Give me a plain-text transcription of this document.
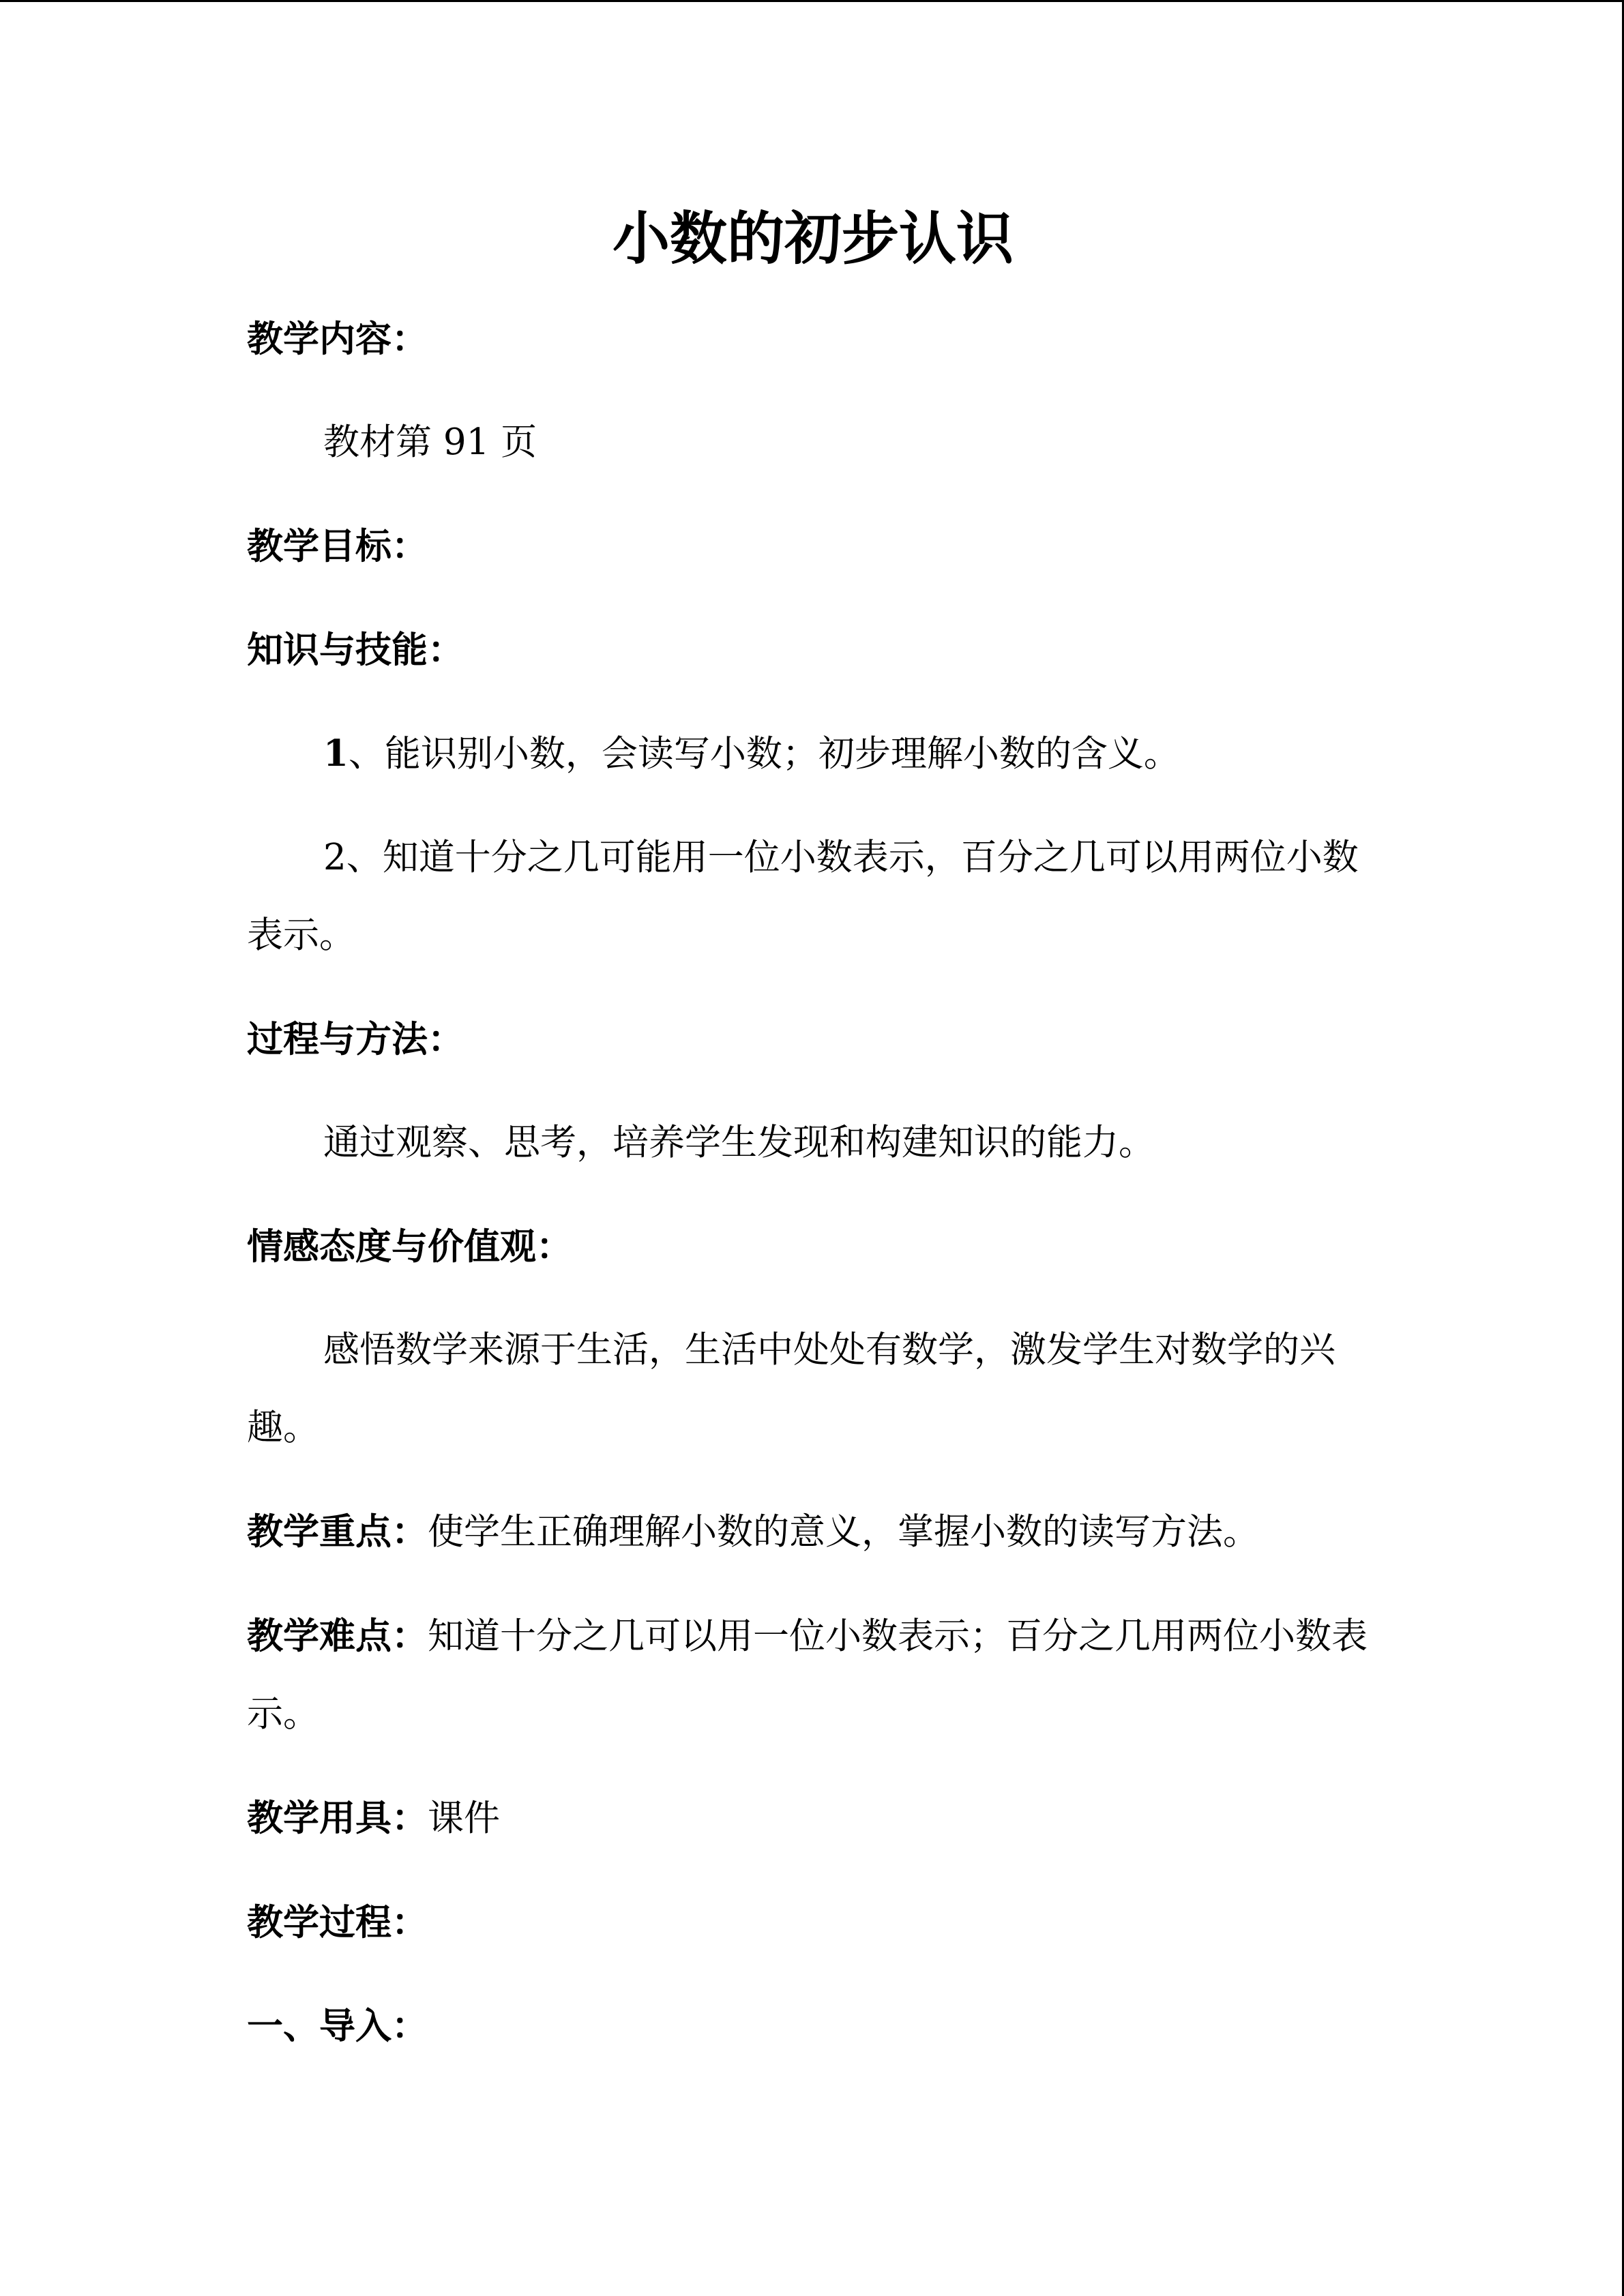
小数的初步认识
教学内容：
教材第 91 页
教学目标：
知识与技能：
1、能识别小数，会读写小数；初步理解小数的含义。
2、知道十分之几可能用一位小数表示，百分之几可以用两位小数表示。
过程与方法：
通过观察、思考，培养学生发现和构建知识的能力。
情感态度与价值观：
感悟数学来源于生活，生活中处处有数学，激发学生对数学的兴趣。
教学重点：使学生正确理解小数的意义，掌握小数的读写方法。
教学难点：知道十分之几可以用一位小数表示；百分之几用两位小数表示。
教学用具：课件
教学过程：
一、导入：
